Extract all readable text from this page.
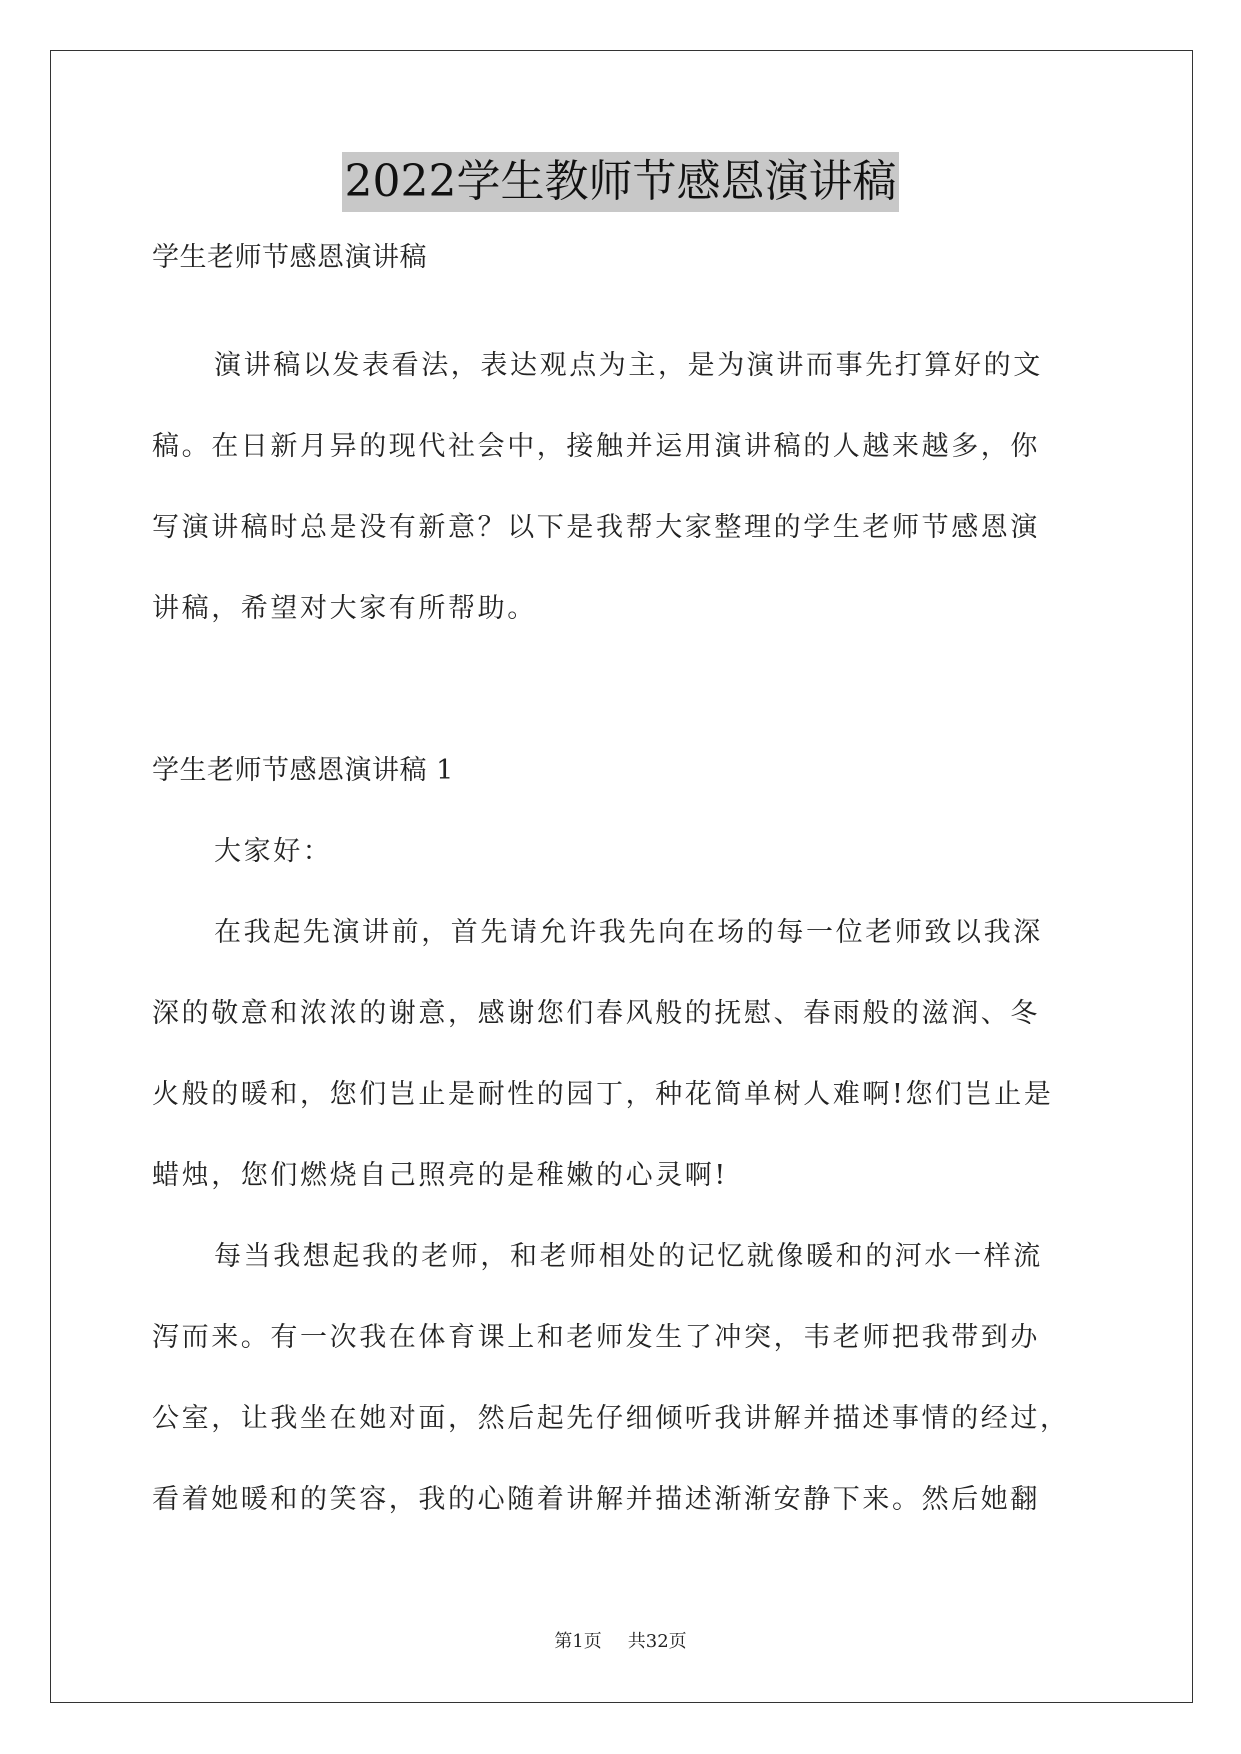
2022学生教师节感恩演讲稿
学生老师节感恩演讲稿
演讲稿以发表看法，表达观点为主，是为演讲而事先打算好的文
稿。在日新月异的现代社会中，接触并运用演讲稿的人越来越多，你
写演讲稿时总是没有新意？以下是我帮大家整理的学生老师节感恩演
讲稿，希望对大家有所帮助。
学生老师节感恩演讲稿 1
大家好：
在我起先演讲前，首先请允许我先向在场的每一位老师致以我深
深的敬意和浓浓的谢意，感谢您们春风般的抚慰、春雨般的滋润、冬
火般的暖和，您们岂止是耐性的园丁，种花简单树人难啊!您们岂止是
蜡烛，您们燃烧自己照亮的是稚嫩的心灵啊!
每当我想起我的老师，和老师相处的记忆就像暖和的河水一样流
泻而来。有一次我在体育课上和老师发生了冲突，韦老师把我带到办
公室，让我坐在她对面，然后起先仔细倾听我讲解并描述事情的经过，
看着她暖和的笑容，我的心随着讲解并描述渐渐安静下来。然后她翻
第1页 共32页
